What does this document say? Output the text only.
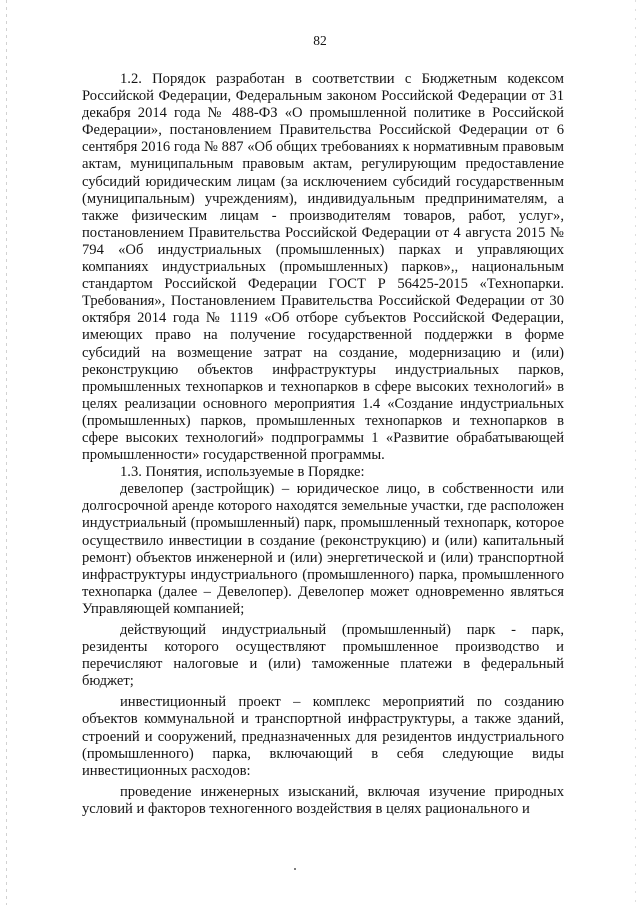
82

1.2. Порядок разработан в соответствии с Бюджетным кодексом Российской Федерации, Федеральным законом Российской Федерации от 31 декабря 2014 года № 488-ФЗ «О промышленной политике в Российской Федерации», постановлением Правительства Российской Федерации от 6 сентября 2016 года № 887 «Об общих требованиях к нормативным правовым актам, муниципальным правовым актам, регулирующим предоставление субсидий юридическим лицам (за исключением субсидий государственным (муниципальным) учреждениям), индивидуальным предпринимателям, а также физическим лицам - производителям товаров, работ, услуг», постановлением Правительства Российской Федерации от 4 августа 2015 № 794 «Об индустриальных (промышленных) парках и управляющих компаниях индустриальных (промышленных) парков»,, национальным стандартом Российской Федерации ГОСТ Р 56425-2015 «Технопарки. Требования», Постановлением Правительства Российской Федерации от 30 октября 2014 года № 1119 «Об отборе субъектов Российской Федерации, имеющих право на получение государственной поддержки в форме субсидий на возмещение затрат на создание, модернизацию и (или) реконструкцию объектов инфраструктуры индустриальных парков, промышленных технопарков и технопарков в сфере высоких технологий» в целях реализации основного мероприятия 1.4 «Создание индустриальных (промышленных) парков, промышленных технопарков и технопарков в сфере высоких технологий» подпрограммы 1 «Развитие обрабатывающей промышленности» государственной программы.

1.3. Понятия, используемые в Порядке:

девелопер (застройщик) – юридическое лицо, в собственности или долгосрочной аренде которого находятся земельные участки, где расположен индустриальный (промышленный) парк, промышленный технопарк, которое осуществило инвестиции в создание (реконструкцию) и (или) капитальный ремонт) объектов инженерной и (или) энергетической и (или) транспортной инфраструктуры индустриального (промышленного) парка, промышленного технопарка (далее – Девелопер). Девелопер может одновременно являться Управляющей компанией;

действующий индустриальный (промышленный) парк - парк, резиденты которого осуществляют промышленное производство и перечисляют налоговые и (или) таможенные платежи в федеральный бюджет;

инвестиционный проект – комплекс мероприятий по созданию объектов коммунальной и транспортной инфраструктуры, а также зданий, строений и сооружений, предназначенных для резидентов индустриального (промышленного) парка, включающий в себя следующие виды инвестиционных расходов:

проведение инженерных изысканий, включая изучение природных условий и факторов техногенного воздействия в целях рационального и
